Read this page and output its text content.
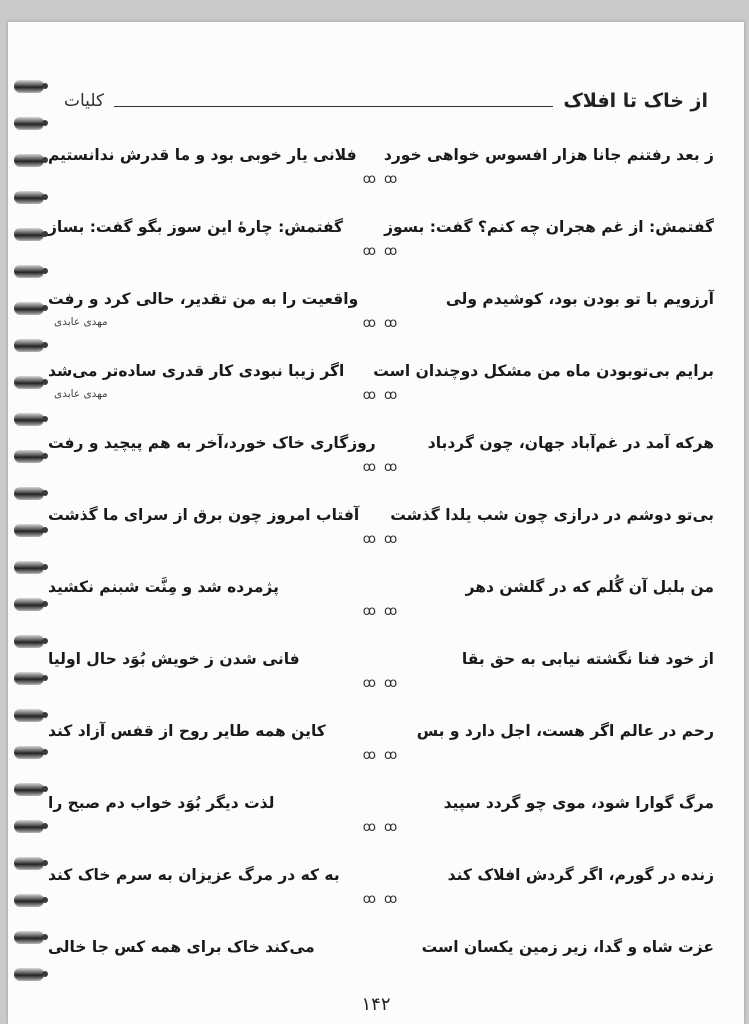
از خاک تا افلاک
کلیات
ز بعد رفتنم جانا هزار افسوس خواهی خورد
فلانی یار خوبی بود و ما قدرش ندانستیم
ꝏ ꝏ
گفتمش: از غم هجران چه کنم؟ گفت: بسوز
گفتمش: چارهٔ این سوز بگو گفت: بساز
ꝏ ꝏ
آرزویم با تو بودن بود، کوشیدم ولی
واقعیت را به من تقدیر، حالی کرد و رفت
مهدی عابدی	ꝏ ꝏ
برایم بی‌توبودن ماه من مشکل دوچندان است
اگر زیبا نبودی کار قدری ساده‌تر می‌شد
مهدی عابدی	ꝏ ꝏ
هرکه آمد در غم‌آباد جهان، چون گردباد
روزگاری خاک خورد،آخر به هم پیچید و رفت
ꝏ ꝏ
بی‌تو دوشم در درازی چون شب یلدا گذشت
آفتاب امروز چون برق از سرای ما گذشت
ꝏ ꝏ
من بلبل آن گُلم که در گلشن دهر
پژمرده شد و مِنَّت شبنم نکشید
ꝏ ꝏ
از خود فنا نگشته نیابی به حق بقا
فانی شدن ز خویش بُوَد حال اولیا
ꝏ ꝏ
رحم در عالم اگر هست، اجل دارد و بس
کاین همه طایر روح از قفس آزاد کند
ꝏ ꝏ
مرگ گوارا شود، موی چو گردد سپید
لذت دیگر بُوَد خواب دم صبح را
ꝏ ꝏ
زنده در گورم، اگر گردش افلاک کند
به که در مرگ عزیزان به سرم خاک کند
ꝏ ꝏ
عزت شاه و گدا، زیر زمین یکسان است
می‌کند خاک برای همه کس جا خالی
۱۴۲
